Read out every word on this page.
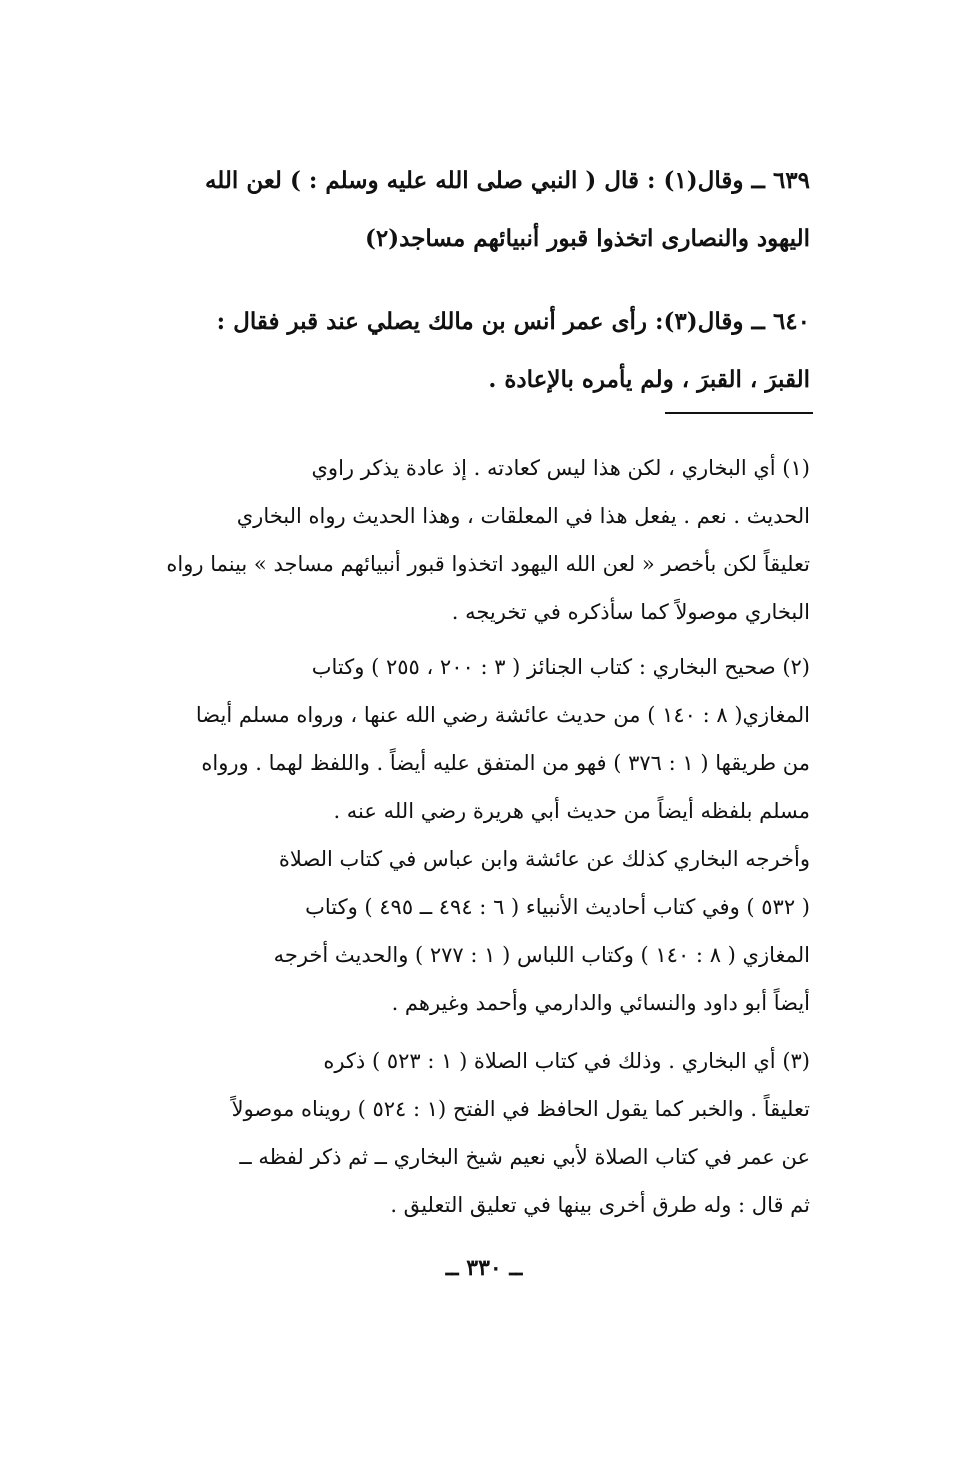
٦٣٩ ــ وقال(١) : قال ( النبي صلى الله عليه وسلم : ) لعن الله
اليهود والنصارى اتخذوا قبور أنبيائهم مساجد(٢)
٦٤٠ ــ وقال(٣): رأى عمر أنس بن مالك يصلي عند قبر فقال :
القبرَ ، القبرَ ، ولم يأمره بالإعادة .
(١) أي البخاري ، لكن هذا ليس كعادته . إذ عادة يذكر راوي
الحديث . نعم . يفعل هذا في المعلقات ، وهذا الحديث رواه البخاري
تعليقاً لكن بأخصر « لعن الله اليهود اتخذوا قبور أنبيائهم مساجد » بينما رواه
البخاري موصولاً كما سأذكره في تخريجه .
(٢) صحيح البخاري : كتاب الجنائز ( ٣ : ٢٠٠ ، ٢٥٥ ) وكتاب
المغازي( ٨ : ١٤٠ ) من حديث عائشة رضي الله عنها ، ورواه مسلم أيضا
من طريقها ( ١ : ٣٧٦ ) فهو من المتفق عليه أيضاً . واللفظ لهما . ورواه
مسلم بلفظه أيضاً من حديث أبي هريرة رضي الله عنه .
وأخرجه البخاري كذلك عن عائشة وابن عباس في كتاب الصلاة
( ٥٣٢ ) وفي كتاب أحاديث الأنبياء ( ٦ : ٤٩٤ ــ ٤٩٥ ) وكتاب
المغازي ( ٨ : ١٤٠ ) وكتاب اللباس ( ١ : ٢٧٧ ) والحديث أخرجه
أيضاً أبو داود والنسائي والدارمي وأحمد وغيرهم .
(٣) أي البخاري . وذلك في كتاب الصلاة ( ١ : ٥٢٣ ) ذكره
تعليقاً . والخبر كما يقول الحافظ في الفتح (١ : ٥٢٤ ) رويناه موصولاً
عن عمر في كتاب الصلاة لأبي نعيم شيخ البخاري ــ ثم ذكر لفظه ــ
ثم قال : وله طرق أخرى بينها في تعليق التعليق .
ــ ٣٣٠ ــ
